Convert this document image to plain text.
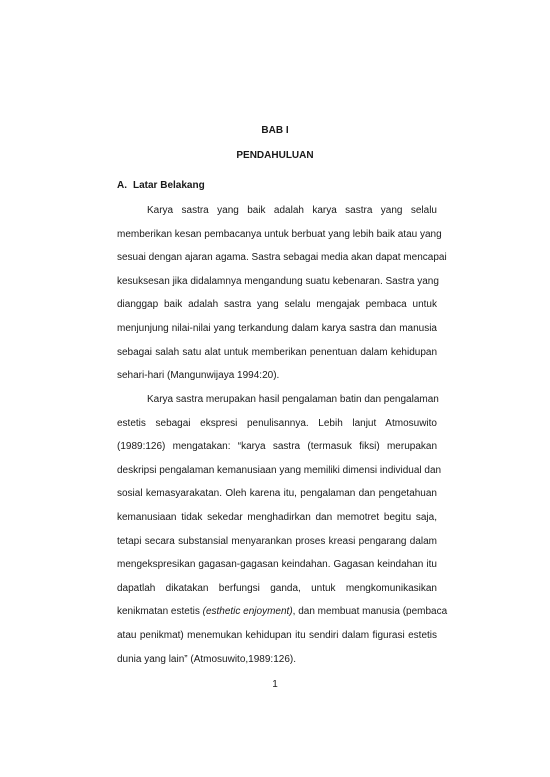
BAB I
PENDAHULUAN
A. Latar Belakang
Karya sastra yang baik adalah karya sastra yang selalu
memberikan kesan pembacanya untuk berbuat yang lebih baik atau yang
sesuai dengan ajaran agama. Sastra sebagai media akan dapat mencapai
kesuksesan jika didalamnya mengandung suatu kebenaran. Sastra yang
dianggap baik adalah sastra yang selalu mengajak pembaca untuk
menjunjung nilai-nilai yang terkandung dalam karya sastra dan manusia
sebagai salah satu alat untuk memberikan penentuan dalam kehidupan
sehari-hari (Mangunwijaya 1994:20).
Karya sastra merupakan hasil pengalaman batin dan pengalaman
estetis sebagai ekspresi penulisannya. Lebih lanjut Atmosuwito
(1989:126) mengatakan: “karya sastra (termasuk fiksi) merupakan
deskripsi pengalaman kemanusiaan yang memiliki dimensi individual dan
sosial kemasyarakatan. Oleh karena itu, pengalaman dan pengetahuan
kemanusiaan tidak sekedar menghadirkan dan memotret begitu saja,
tetapi secara substansial menyarankan proses kreasi pengarang dalam
mengekspresikan gagasan-gagasan keindahan. Gagasan keindahan itu
dapatlah dikatakan berfungsi ganda, untuk mengkomunikasikan
kenikmatan estetis (esthetic enjoyment), dan membuat manusia (pembaca
atau penikmat) menemukan kehidupan itu sendiri dalam figurasi estetis
dunia yang lain” (Atmosuwito,1989:126).
1
